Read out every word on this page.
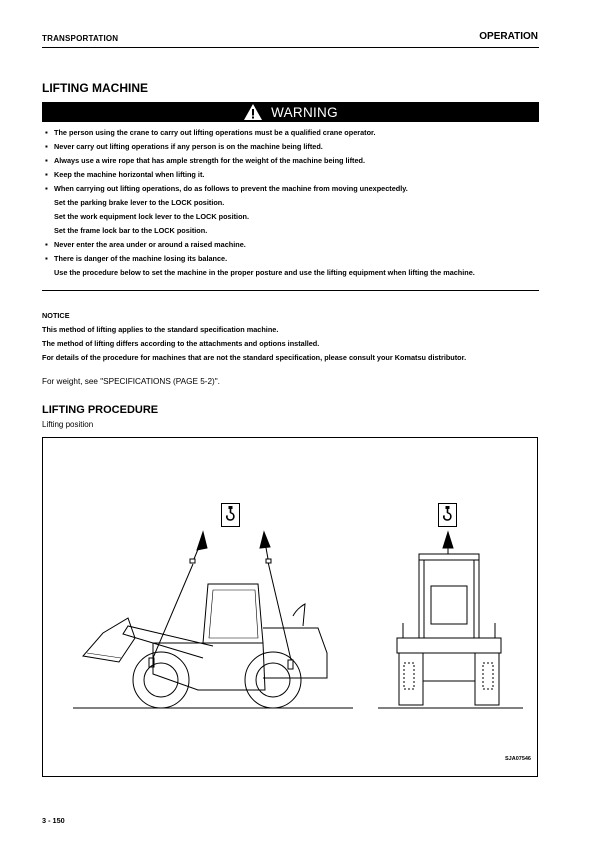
TRANSPORTATION	OPERATION
LIFTING MACHINE
WARNING
▪ The person using the crane to carry out lifting operations must be a qualified crane operator.
▪ Never carry out lifting operations if any person is on the machine being lifted.
▪ Always use a wire rope that has ample strength for the weight of the machine being lifted.
▪ Keep the machine horizontal when lifting it.
▪ When carrying out lifting operations, do as follows to prevent the machine from moving unexpectedly.
Set the parking brake lever to the LOCK position.
Set the work equipment lock lever to the LOCK position.
Set the frame lock bar to the LOCK position.
▪ Never enter the area under or around a raised machine.
▪ There is danger of the machine losing its balance.
Use the procedure below to set the machine in the proper posture and use the lifting equipment when lifting the machine.
NOTICE
This method of lifting applies to the standard specification machine.
The method of lifting differs according to the attachments and options installed.
For details of the procedure for machines that are not the standard specification, please consult your Komatsu distributor.
For weight, see "SPECIFICATIONS (PAGE 5-2)".
LIFTING PROCEDURE
Lifting position
SJA07546
3 - 150
